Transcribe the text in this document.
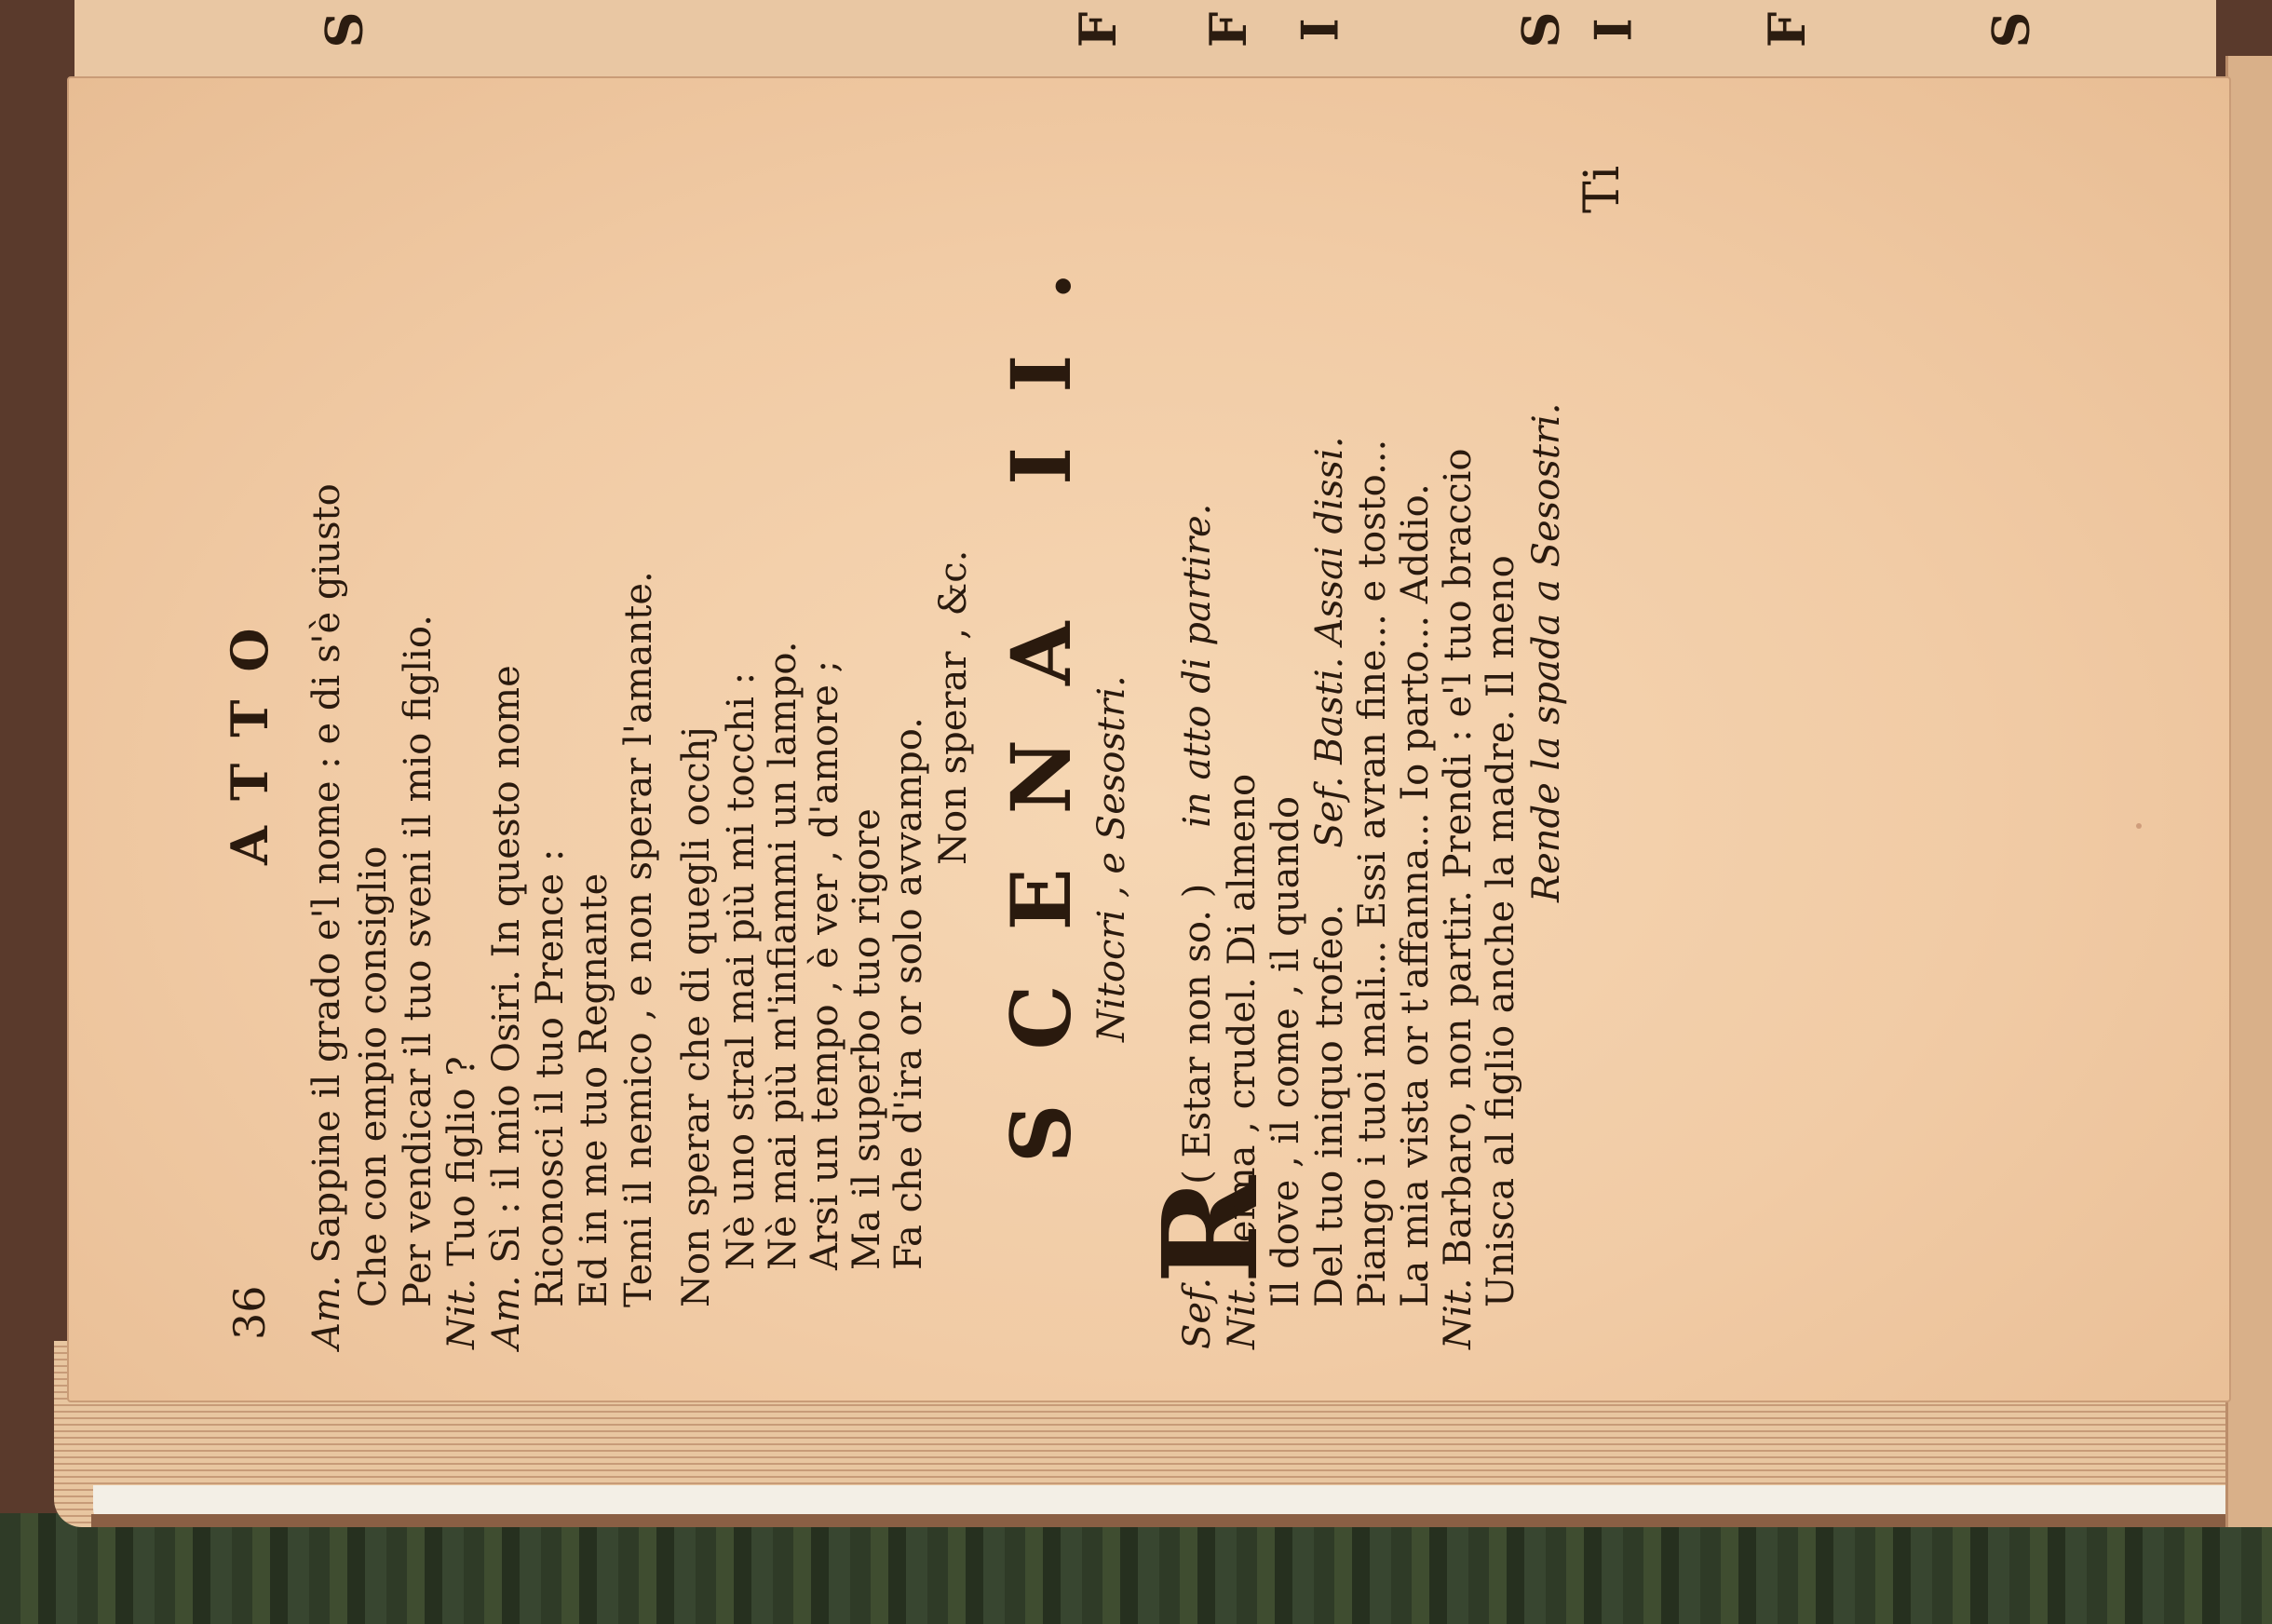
S	F F I	S I F	S
36
ATTO
Am. Sappine il grado e'l nome : e di s'è giusto Che con empio consiglio Per vendicar il tuo sveni il mio figlio.
Nit. Tuo figlio ?
Am. Sì : il mio Osiri. In questo nome Riconosci il tuo Prence : Ed in me tuo Regnante Temi il nemico , e non sperar l'amante. Non sperar che di quegli occhj Nè uno stral mai più mi tocchi : Nè mai più m'infiammi un lampo. Arsi un tempo , è ver , d'amore ; Ma il superbo tuo rigore Fa che d'ira or solo avvampo.
Non sperar , &c. SCENA II. Nitocri , e Sesostri.
R
Sef.( Estar non so. )in atto di partire.
Nit. Ferma , crudel. Di almeno Il dove , il come , il quando Del tuo iniquo trofeo.Sef. Basti. Assai dissi. Piango i tuoi mali... Essi avran fine... e tosto... La mia vista or t'affanna... Io parto... Addio.
Nit. Barbaro, non partir. Prendi : e'l tuo braccio Unisca al figlio anche la madre. Il meno Rende la spada a Sesostri.
Ti
